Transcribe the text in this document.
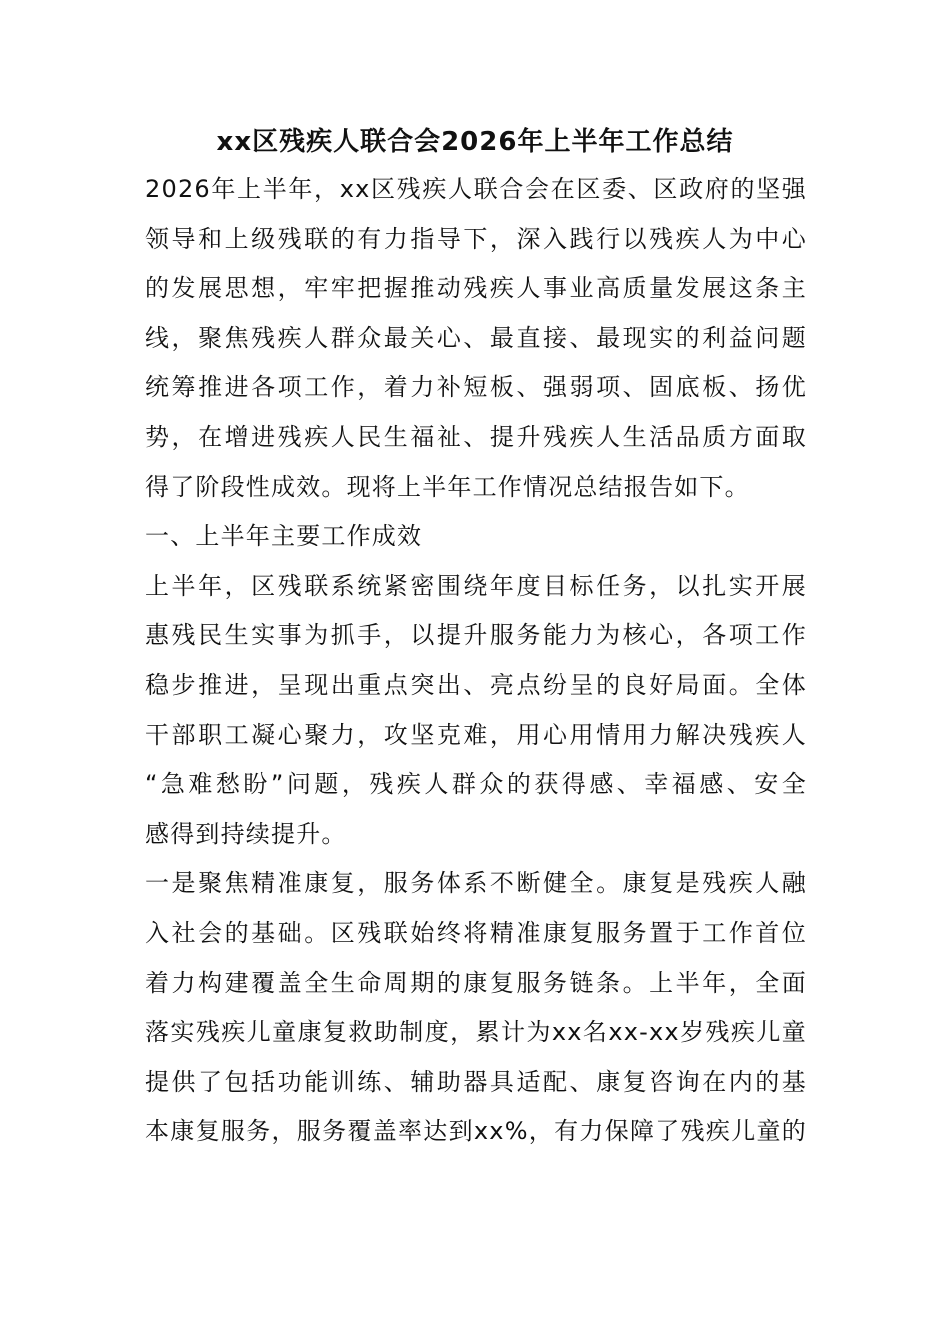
xx区残疾人联合会2026年上半年工作总结
2026年上半年，xx区残疾人联合会在区委、区政府的坚强
领导和上级残联的有力指导下，深入践行以残疾人为中心
的发展思想，牢牢把握推动残疾人事业高质量发展这条主
线，聚焦残疾人群众最关心、最直接、最现实的利益问题
统筹推进各项工作，着力补短板、强弱项、固底板、扬优
势，在增进残疾人民生福祉、提升残疾人生活品质方面取
得了阶段性成效。现将上半年工作情况总结报告如下。
一、上半年主要工作成效
上半年，区残联系统紧密围绕年度目标任务，以扎实开展
惠残民生实事为抓手，以提升服务能力为核心，各项工作
稳步推进，呈现出重点突出、亮点纷呈的良好局面。全体
干部职工凝心聚力，攻坚克难，用心用情用力解决残疾人
“急难愁盼”问题，残疾人群众的获得感、幸福感、安全
感得到持续提升。
一是聚焦精准康复，服务体系不断健全。康复是残疾人融
入社会的基础。区残联始终将精准康复服务置于工作首位
着力构建覆盖全生命周期的康复服务链条。上半年，全面
落实残疾儿童康复救助制度，累计为xx名xx-xx岁残疾儿童
提供了包括功能训练、辅助器具适配、康复咨询在内的基
本康复服务，服务覆盖率达到xx%，有力保障了残疾儿童的
